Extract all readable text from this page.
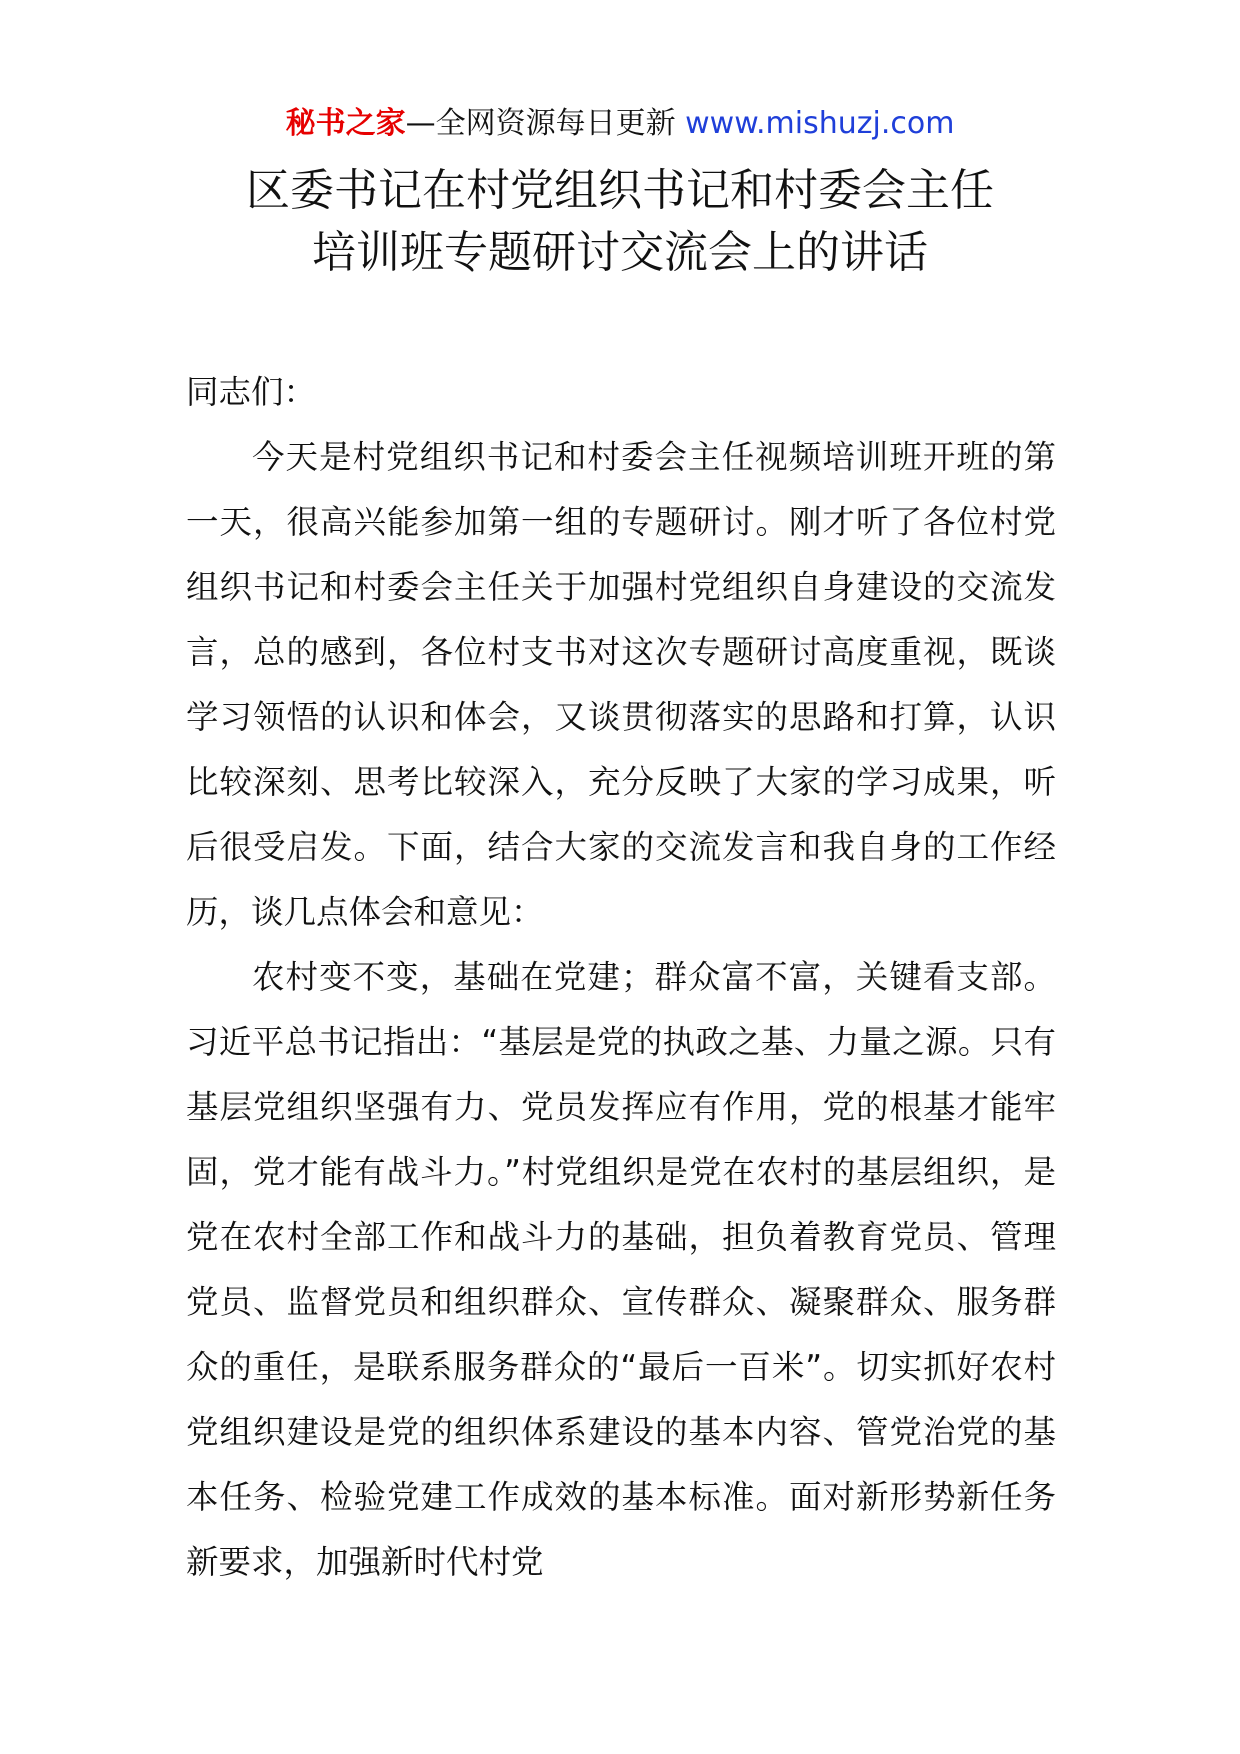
秘书之家—全网资源每日更新 www.mishuzj.com
区委书记在村党组织书记和村委会主任
培训班专题研讨交流会上的讲话

同志们：

今天是村党组织书记和村委会主任视频培训班开班的第一天，很高兴能参加第一组的专题研讨。刚才听了各位村党组织书记和村委会主任关于加强村党组织自身建设的交流发言，总的感到，各位村支书对这次专题研讨高度重视，既谈学习领悟的认识和体会，又谈贯彻落实的思路和打算，认识比较深刻、思考比较深入，充分反映了大家的学习成果，听后很受启发。下面，结合大家的交流发言和我自身的工作经历，谈几点体会和意见：

农村变不变，基础在党建；群众富不富，关键看支部。习近平总书记指出：“基层是党的执政之基、力量之源。只有基层党组织坚强有力、党员发挥应有作用，党的根基才能牢固，党才能有战斗力。”村党组织是党在农村的基层组织，是党在农村全部工作和战斗力的基础，担负着教育党员、管理党员、监督党员和组织群众、宣传群众、凝聚群众、服务群众的重任，是联系服务群众的“最后一百米”。切实抓好农村党组织建设是党的组织体系建设的基本内容、管党治党的基本任务、检验党建工作成效的基本标准。面对新形势新任务新要求，加强新时代村党
